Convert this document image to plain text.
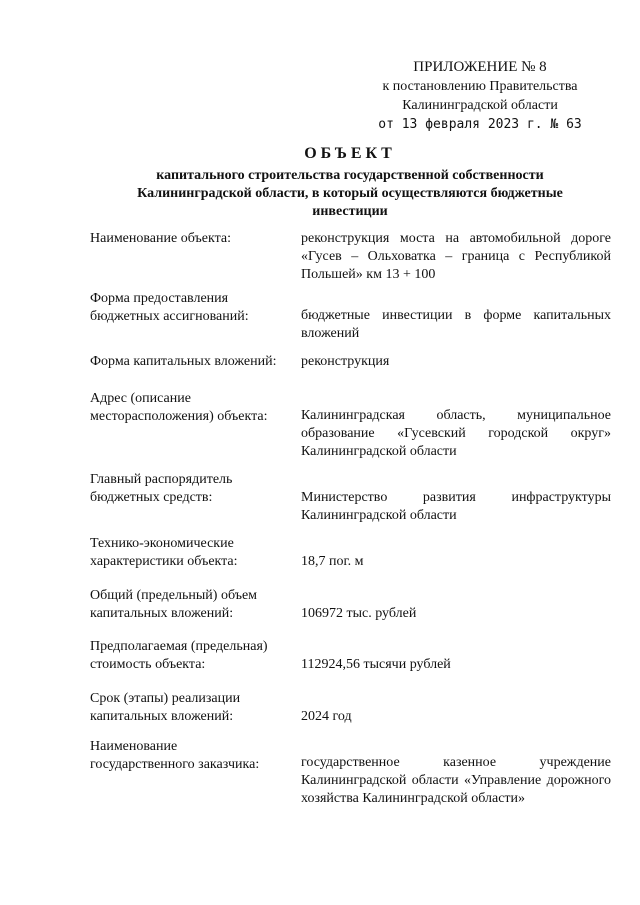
ПРИЛОЖЕНИЕ № 8
к постановлению Правительства
Калининградской области
от 13 февраля 2023 г. № 63
ОБЪЕКТ
капитального строительства государственной собственности
Калининградской области, в который осуществляются бюджетные
инвестиции
Наименование объекта:	реконструкция моста на автомобильной дороге «Гусев – Ольховатка – граница с Республикой Польшей» км 13 + 100
Форма предоставления
бюджетных ассигнований:	бюджетные инвестиции в форме капитальных вложений
Форма капитальных вложений:	реконструкция
Адрес (описание
месторасположения) объекта:	Калининградская область, муниципальное образование «Гусевский городской округ» Калининградской области
Главный распорядитель
бюджетных средств:	Министерство развития инфраструктуры Калининградской области
Технико-экономические
характеристики объекта:	18,7 пог. м
Общий (предельный) объем
капитальных вложений:	106972 тыс. рублей
Предполагаемая (предельная)
стоимость объекта:	112924,56 тысячи рублей
Срок (этапы) реализации
капитальных вложений:	2024 год
Наименование
государственного заказчика:	государственное казенное учреждение Калининградской области «Управление дорожного хозяйства Калининградской области»
